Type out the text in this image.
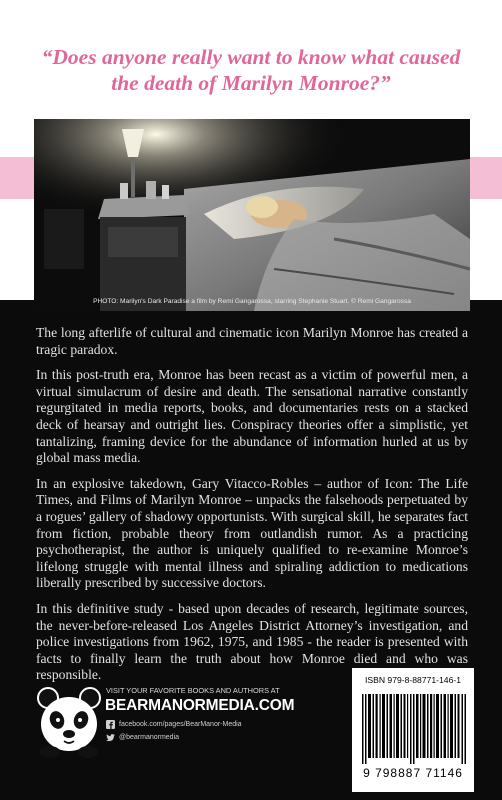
“Does anyone really want to know what caused the death of Marilyn Monroe?”
PHOTO: Marilyn's Dark Paradise a film by Remi Gangarossa, starring Stephanie Stuart. © Remi Gangarossa

The long afterlife of cultural and cinematic icon Marilyn Monroe has created a tragic paradox.

In this post-truth era, Monroe has been recast as a victim of powerful men, a virtual simulacrum of desire and death. The sensational narrative constantly regurgitated in media reports, books, and documentaries rests on a stacked deck of hearsay and outright lies. Conspiracy theories offer a simplistic, yet tantalizing, framing device for the abundance of information hurled at us by global mass media.

In an explosive takedown, Gary Vitacco-Robles – author of Icon: The Life Times, and Films of Marilyn Monroe – unpacks the falsehoods perpetuated by a rogues’ gallery of shadowy opportunists. With surgical skill, he separates fact from fiction, probable theory from outlandish rumor. As a practicing psychotherapist, the author is uniquely qualified to re-examine Monroe’s lifelong struggle with mental illness and spiraling addiction to medications liberally prescribed by successive doctors.

In this definitive study - based upon decades of research, legitimate sources, the never-before-released Los Angeles District Attorney’s investigation, and police investigations from 1962, 1975, and 1985 - the reader is presented with facts to finally learn the truth about how Monroe died and who was responsible.

VISIT YOUR FAVORITE BOOKS AND AUTHORS AT
BEARMANORMEDIA.COM
facebook.com/pages/BearManor-Media
@bearmanormedia
ISBN 979-8-88771-146-1
9 798887 71146
